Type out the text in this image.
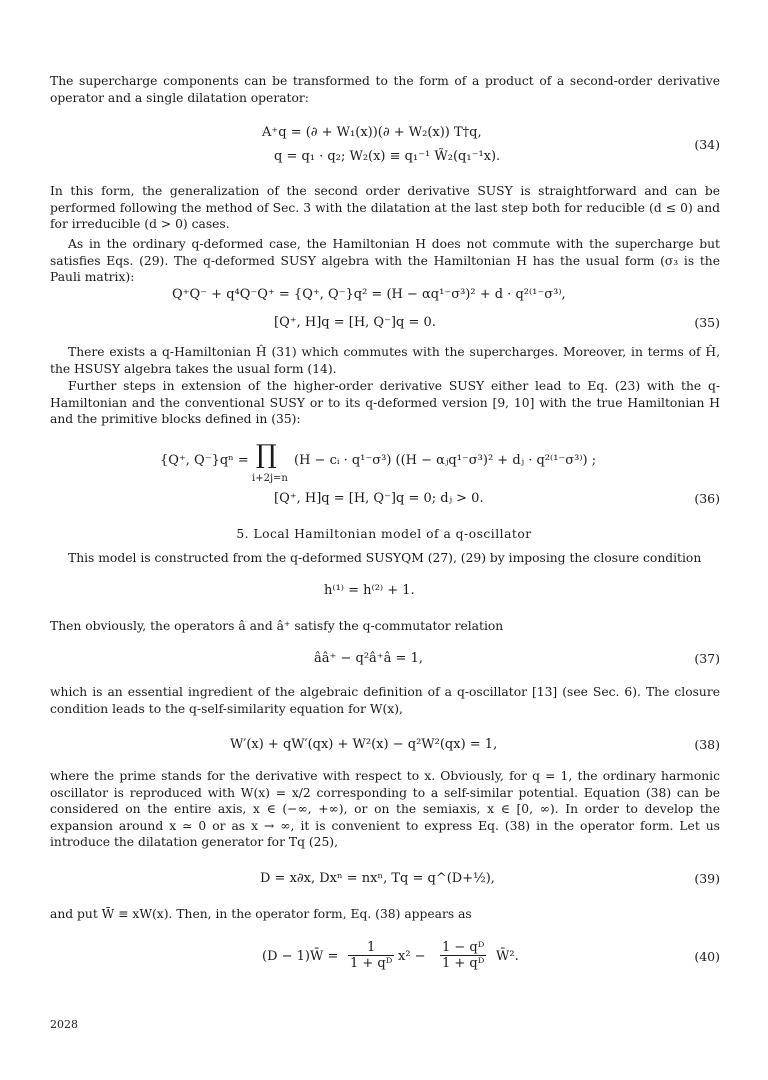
The supercharge components can be transformed to the form of a product of a second-order derivative operator and a single dilatation operator:
A⁺q = (∂ + W₁(x))(∂ + W₂(x)) T†q,
q = q₁ · q₂; W₂(x) ≡ q₁⁻¹ W̃₂(q₁⁻¹x).
(34)
In this form, the generalization of the second order derivative SUSY is straightforward and can be performed following the method of Sec. 3 with the dilatation at the last step both for reducible (d ≤ 0) and for irreducible (d > 0) cases.
As in the ordinary q-deformed case, the Hamiltonian H does not commute with the supercharge but satisfies Eqs. (29). The q-deformed SUSY algebra with the Hamiltonian H has the usual form (σ₃ is the Pauli matrix):
Q⁺Q⁻ + q⁴Q⁻Q⁺ = {Q⁺, Q⁻}q² = (H − αq¹⁻σ³)² + d · q²⁽¹⁻σ³⁾,
[Q⁺, H]q = [H, Q⁻]q = 0.	(35)
There exists a q-Hamiltonian Ĥ (31) which commutes with the supercharges. Moreover, in terms of Ĥ, the HSUSY algebra takes the usual form (14).
Further steps in extension of the higher-order derivative SUSY either lead to Eq. (23) with the q-Hamiltonian and the conventional SUSY or to its q-deformed version [9, 10] with the true Hamiltonian H and the primitive blocks defined in (35):
{Q⁺, Q⁻}qⁿ = ∏
i+2j=n
(H − cᵢ · q¹⁻σ³) ((H − αⱼq¹⁻σ³)² + dⱼ · q²⁽¹⁻σ³⁾) ;
[Q⁺, H]q = [H, Q⁻]q = 0; dⱼ > 0.	(36)
5. Local Hamiltonian model of a q-oscillator
This model is constructed from the q-deformed SUSYQM (27), (29) by imposing the closure condition
h⁽¹⁾ = h⁽²⁾ + 1.
Then obviously, the operators â and â⁺ satisfy the q-commutator relation
ââ⁺ − q²â⁺â = 1,	(37)
which is an essential ingredient of the algebraic definition of a q-oscillator [13] (see Sec. 6). The closure condition leads to the q-self-similarity equation for W(x),
W′(x) + qW′(qx) + W²(x) − q²W²(qx) = 1,	(38)
where the prime stands for the derivative with respect to x. Obviously, for q = 1, the ordinary harmonic oscillator is reproduced with W(x) = x/2 corresponding to a self-similar potential. Equation (38) can be considered on the entire axis, x ∈ (−∞, +∞), or on the semiaxis, x ∈ [0, ∞). In order to develop the expansion around x ≃ 0 or as x → ∞, it is convenient to express Eq. (38) in the operator form. Let us introduce the dilatation generator for Tq (25),
D = x∂x, Dxⁿ = nxⁿ, Tq = q^(D+½),	(39)
and put W̄ ≡ xW(x). Then, in the operator form, Eq. (38) appears as
(D − 1)W̄ = $\frac{1}{\text{1 + qᴰ}} x^2 - \frac{\text{1 − qᴰ}}{\text{1 + qᴰ}}$ W̄².	(40)
2028
